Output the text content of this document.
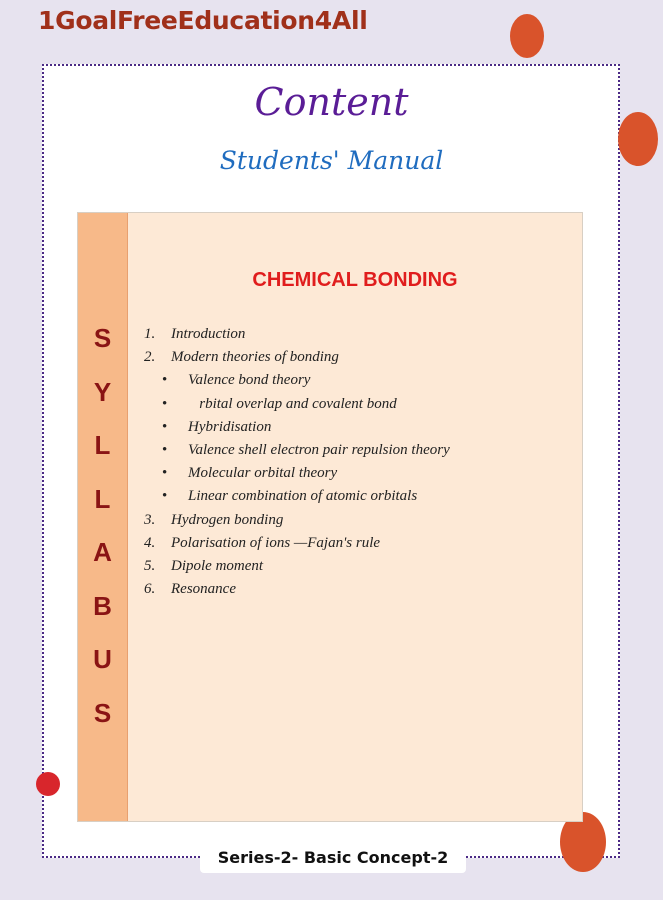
1GoalFreeEducation4All
Content
Students' Manual
S
Y
L
L
A
B
U
S
CHEMICAL BONDING
1. Introduction
2. Modern theories of bonding
• Valence bond theory
•   rbital overlap and covalent bond
• Hybridisation
• Valence shell electron pair repulsion theory
• Molecular orbital theory
• Linear combination of atomic orbitals
3. Hydrogen bonding
4. Polarisation of ions —Fajan's rule
5. Dipole moment
6. Resonance
Series-2- Basic Concept-2
